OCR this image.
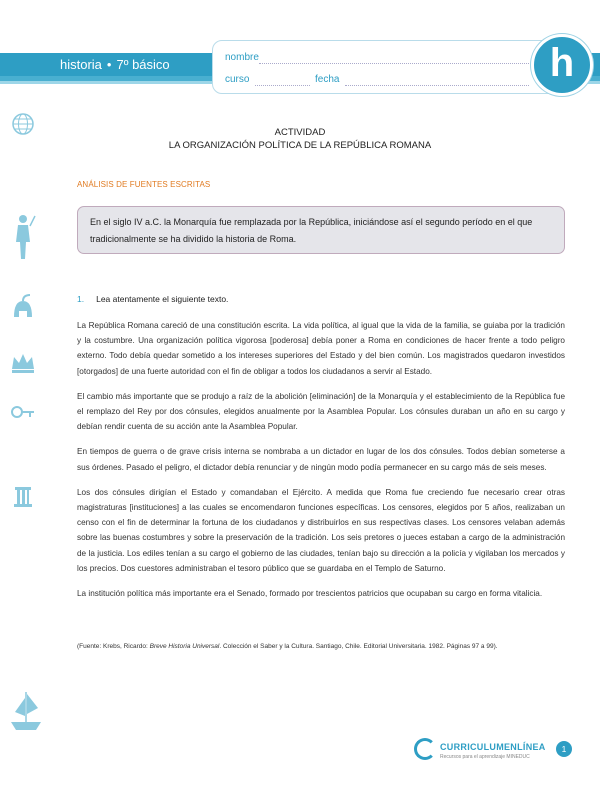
historia • 7º básico	nombre
curso	fecha	h
ACTIVIDAD
LA ORGANIZACIÓN POLÍTICA DE LA REPÚBLICA ROMANA
ANÁLISIS DE FUENTES ESCRITAS
En el siglo IV a.C. la Monarquía fue remplazada por la República, iniciándose así el segundo período en el que tradicionalmente se ha dividido la historia de Roma.
1. Lea atentamente el siguiente texto.

La República Romana careció de una constitución escrita. La vida política, al igual que la vida de la familia, se guiaba por la tradición y la costumbre. Una organización política vigorosa [poderosa] debía poner a Roma en condiciones de hacer frente a todo peligro externo. Todo debía quedar sometido a los intereses superiores del Estado y del bien común. Los magistrados quedaron investidos [otorgados] de una fuerte autoridad con el fin de obligar a todos los ciudadanos a servir al Estado.

El cambio más importante que se produjo a raíz de la abolición [eliminación] de la Monarquía y el establecimiento de la República fue el remplazo del Rey por dos cónsules, elegidos anualmente por la Asamblea Popular. Los cónsules duraban un año en su cargo y debían rendir cuenta de su acción ante la Asamblea Popular.

En tiempos de guerra o de grave crisis interna se nombraba a un dictador en lugar de los dos cónsules. Todos debían someterse a sus órdenes. Pasado el peligro, el dictador debía renunciar y de ningún modo podía permanecer en su cargo más de seis meses.

Los dos cónsules dirigían el Estado y comandaban el Ejército. A medida que Roma fue creciendo fue necesario crear otras magistraturas [instituciones] a las cuales se encomendaron funciones específicas. Los censores, elegidos por 5 años, realizaban un censo con el fin de determinar la fortuna de los ciudadanos y distribuirlos en sus respectivas clases. Los censores velaban además sobre las buenas costumbres y sobre la preservación de la tradición. Los seis pretores o jueces estaban a cargo de la administración de la justicia. Los ediles tenían a su cargo el gobierno de las ciudades, tenían bajo su dirección a la policía y vigilaban los mercados y los precios. Dos cuestores administraban el tesoro público que se guardaba en el Templo de Saturno.

La institución política más importante era el Senado, formado por trescientos patricios que ocupaban su cargo en forma vitalicia.

(Fuente: Krebs, Ricardo: Breve Historia Universal. Colección el Saber y la Cultura. Santiago, Chile. Editorial Universitaria. 1982. Páginas 97 a 99).
CURRICULUMENLÍNEA
Recursos para el aprendizaje MINEDUC
1
